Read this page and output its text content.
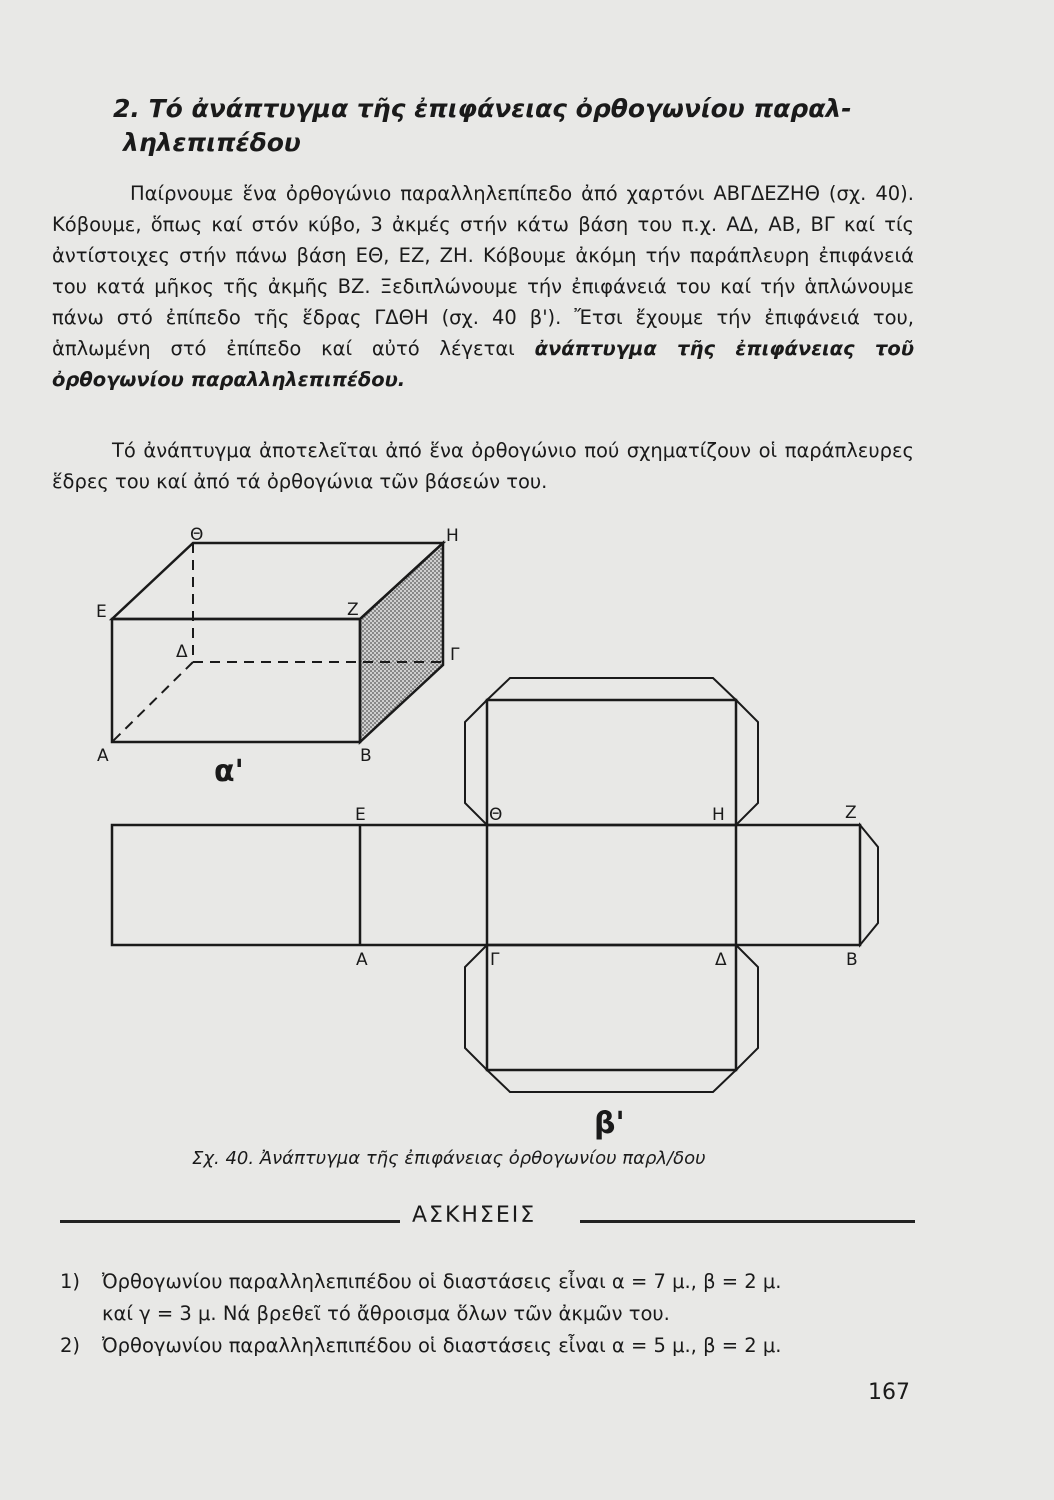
2. Τό ἀνάπτυγμα τῆς ἐπιφάνειας ὀρθογωνίου παραλ-
ληλεπιπέδου
Παίρνουμε ἕνα ὀρθογώνιο παραλληλεπίπεδο ἀπό χαρτόνι ΑΒΓΔΕΖΗΘ (σχ. 40). Κόβουμε, ὅπως καί στόν κύβο, 3 ἀκμές στήν κάτω βάση του π.χ. ΑΔ, ΑΒ, ΒΓ καί τίς ἀντίστοιχες στήν πάνω βάση ΕΘ, ΕΖ, ΖΗ. Κόβουμε ἀκόμη τήν παράπλευρη ἐπιφάνειά του κατά μῆκος τῆς ἀκμῆς ΒΖ. Ξεδιπλώνουμε τήν ἐπιφάνειά του καί τήν ἁπλώνουμε πάνω στό ἐπίπεδο τῆς ἕδρας ΓΔΘΗ (σχ. 40 β'). Ἔτσι ἔχουμε τήν ἐπιφάνειά του, ἁπλωμένη στό ἐπίπεδο καί αὐτό λέγεται ἀνάπτυγμα τῆς ἐπιφάνειας τοῦ ὀρθογωνίου παραλληλεπιπέδου.
Τό ἀνάπτυγμα ἀποτελεῖται ἀπό ἕνα ὀρθογώνιο πού σχηματίζουν οἱ παράπλευρες ἕδρες του καί ἀπό τά ὀρθογώνια τῶν βάσεών του.
Θ	Η
Ε	Ζ
Δ	Γ
Α	Β
α'
Ε	Θ	Η	Ζ
Α	Γ	Δ	Β
β'
Σχ. 40. Ἀνάπτυγμα τῆς ἐπιφάνειας ὀρθογωνίου παρλ/δου
ΑΣΚΗΣΕΙΣ
1) Ὀρθογωνίου παραλληλεπιπέδου οἱ διαστάσεις εἶναι α = 7 μ., β = 2 μ.
καί γ = 3 μ. Νά βρεθεῖ τό ἄθροισμα ὅλων τῶν ἀκμῶν του.
2) Ὀρθογωνίου παραλληλεπιπέδου οἱ διαστάσεις εἶναι α = 5 μ., β = 2 μ.
167
